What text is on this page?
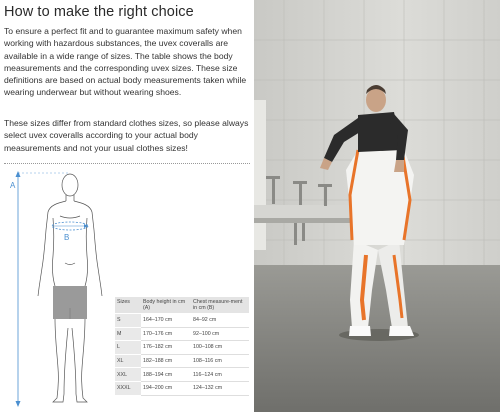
How to make the right choice
To ensure a perfect fit and to guarantee maximum safety when working with hazardous substances, the uvex coveralls are available in a wide range of sizes. The table shows the body measurements and the corresponding uvex sizes. These size definitions are based on actual body measurements taken while wearing underwear but without wearing shoes.
These sizes differ from standard clothes sizes, so please always select uvex coveralls according to your actual body measurements and not your usual clothes sizes!
A
B
Sizes	Body height in cm (A)	Chest measure-ment in cm (B)
S	164–170 cm	84–92 cm
M	170–176 cm	92–100 cm
L	176–182 cm	100–108 cm
XL	182–188 cm	108–116 cm
XXL	188–194 cm	116–124 cm
XXXL	194–200 cm	124–132 cm
